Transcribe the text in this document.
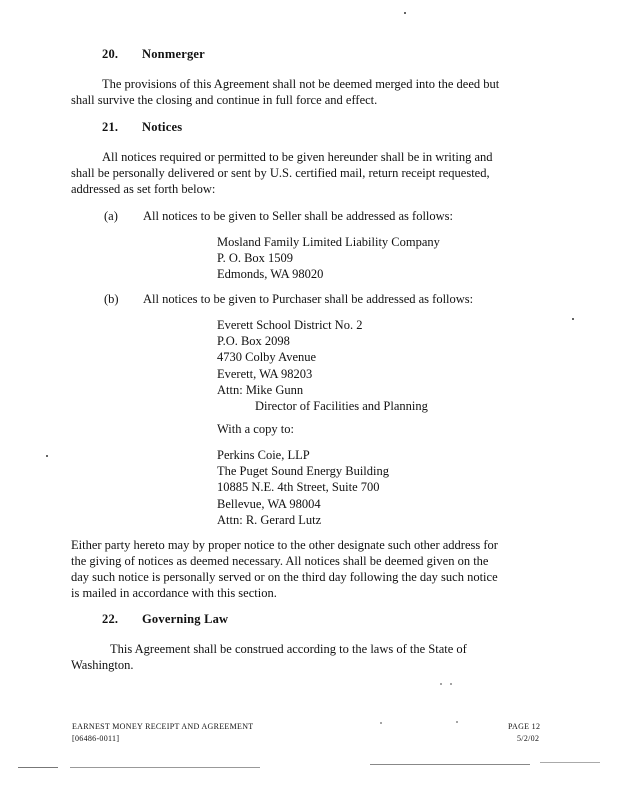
20. Nonmerger
The provisions of this Agreement shall not be deemed merged into the deed but
shall survive the closing and continue in full force and effect.
21. Notices
All notices required or permitted to be given hereunder shall be in writing and
shall be personally delivered or sent by U.S. certified mail, return receipt requested,
addressed as set forth below:
(a) All notices to be given to Seller shall be addressed as follows:
Mosland Family Limited Liability Company
P. O. Box 1509
Edmonds, WA 98020
(b) All notices to be given to Purchaser shall be addressed as follows:
Everett School District No. 2
P.O. Box 2098
4730 Colby Avenue
Everett, WA 98203
Attn: Mike Gunn
Director of Facilities and Planning
With a copy to:
Perkins Coie, LLP
The Puget Sound Energy Building
10885 N.E. 4th Street, Suite 700
Bellevue, WA 98004
Attn: R. Gerard Lutz
Either party hereto may by proper notice to the other designate such other address for
the giving of notices as deemed necessary. All notices shall be deemed given on the
day such notice is personally served or on the third day following the day such notice
is mailed in accordance with this section.
22. Governing Law
This Agreement shall be construed according to the laws of the State of
Washington.
EARNEST MONEY RECEIPT AND AGREEMENT
[06486-0011]
PAGE 12
5/2/02
